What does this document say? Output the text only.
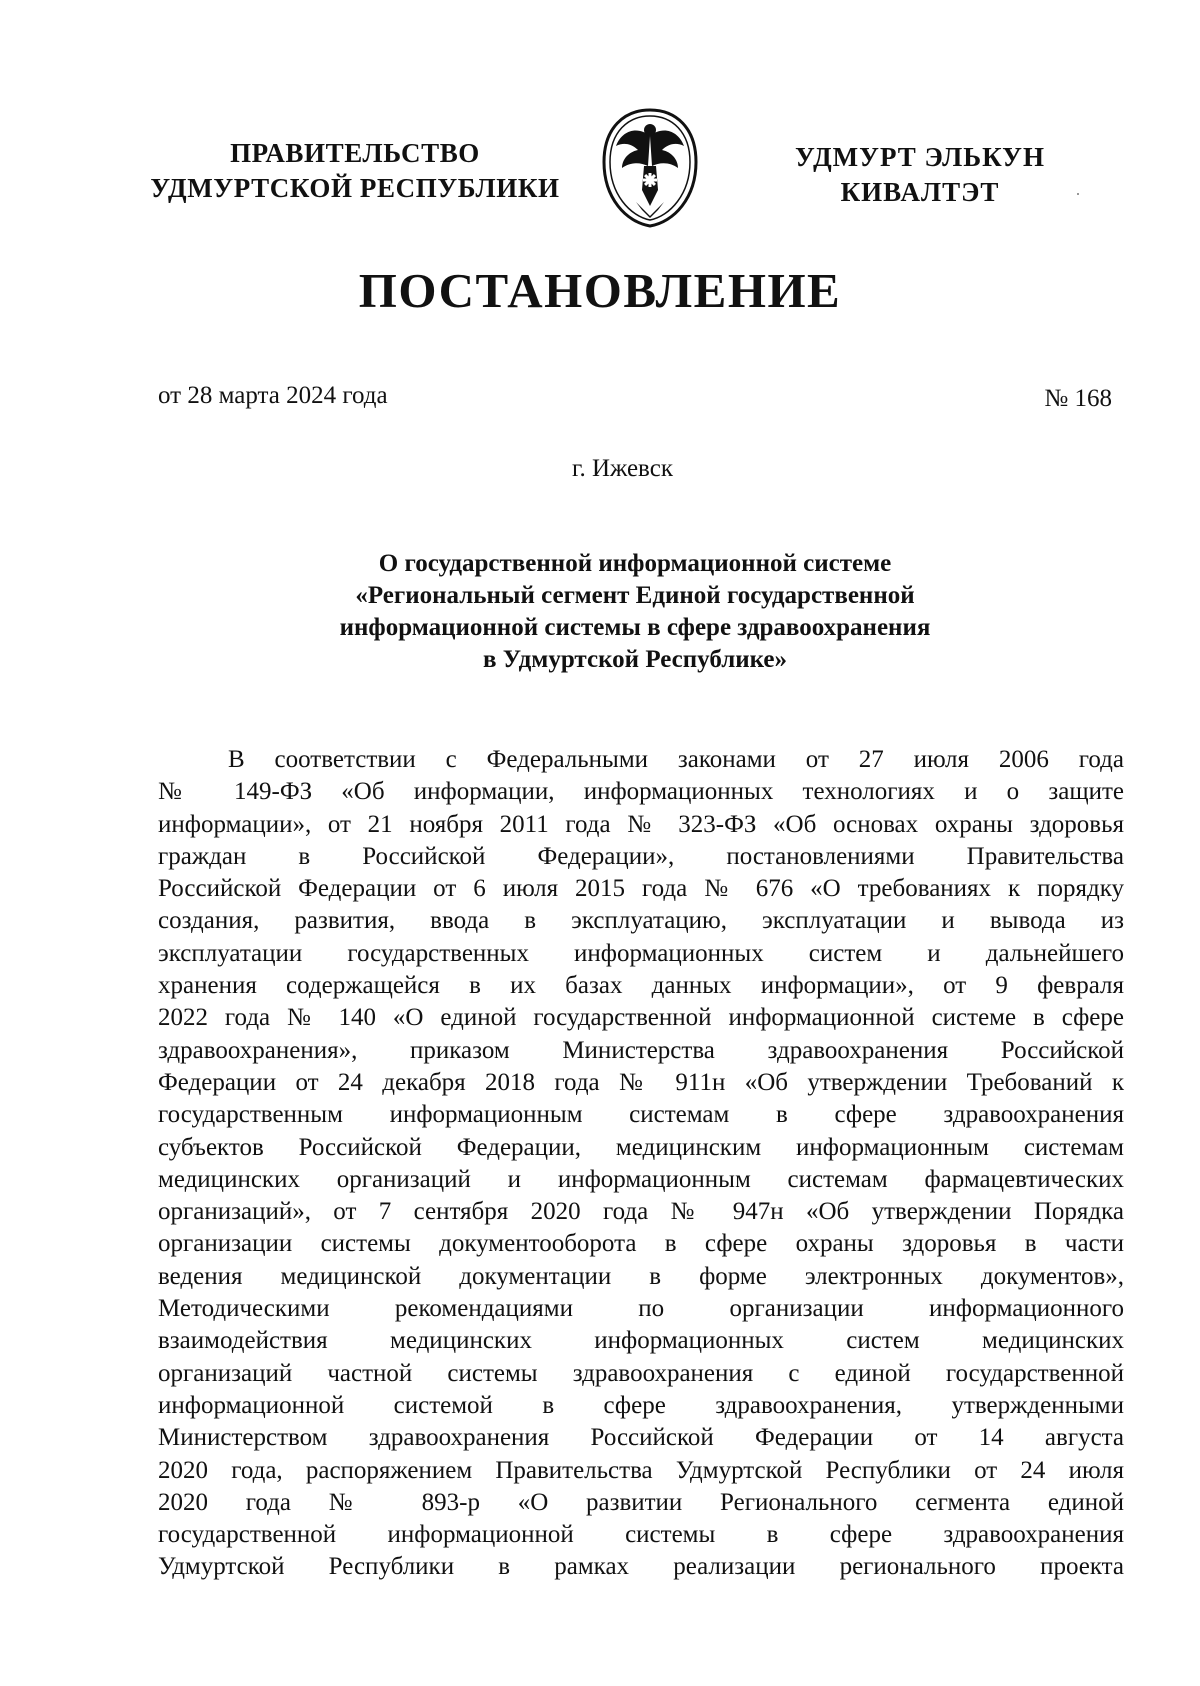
ПРАВИТЕЛЬСТВО
УДМУРТСКОЙ РЕСПУБЛИКИ
УДМУРТ ЭЛЬКУН
КИВАЛТЭТ
ПОСТАНОВЛЕНИЕ
от 28 марта 2024 года	№ 168
г. Ижевск
О государственной информационной системе
«Региональный сегмент Единой государственной
информационной системы в сфере здравоохранения
в Удмуртской Республике»
В соответствии с Федеральными законами от 27 июля 2006 года
№ 149-ФЗ «Об информации, информационных технологиях и о защите
информации», от 21 ноября 2011 года № 323-ФЗ «Об основах охраны здоровья
граждан в Российской Федерации», постановлениями Правительства
Российской Федерации от 6 июля 2015 года № 676 «О требованиях к порядку
создания, развития, ввода в эксплуатацию, эксплуатации и вывода из
эксплуатации государственных информационных систем и дальнейшего
хранения содержащейся в их базах данных информации», от 9 февраля
2022 года № 140 «О единой государственной информационной системе в сфере
здравоохранения», приказом Министерства здравоохранения Российской
Федерации от 24 декабря 2018 года № 911н «Об утверждении Требований к
государственным информационным системам в сфере здравоохранения
субъектов Российской Федерации, медицинским информационным системам
медицинских организаций и информационным системам фармацевтических
организаций», от 7 сентября 2020 года № 947н «Об утверждении Порядка
организации системы документооборота в сфере охраны здоровья в части
ведения медицинской документации в форме электронных документов»,
Методическими рекомендациями по организации информационного
взаимодействия медицинских информационных систем медицинских
организаций частной системы здравоохранения с единой государственной
информационной системой в сфере здравоохранения, утвержденными
Министерством здравоохранения Российской Федерации от 14 августа
2020 года, распоряжением Правительства Удмуртской Республики от 24 июля
2020 года № 893-р «О развитии Регионального сегмента единой
государственной информационной системы в сфере здравоохранения
Удмуртской Республики в рамках реализации регионального проекта
